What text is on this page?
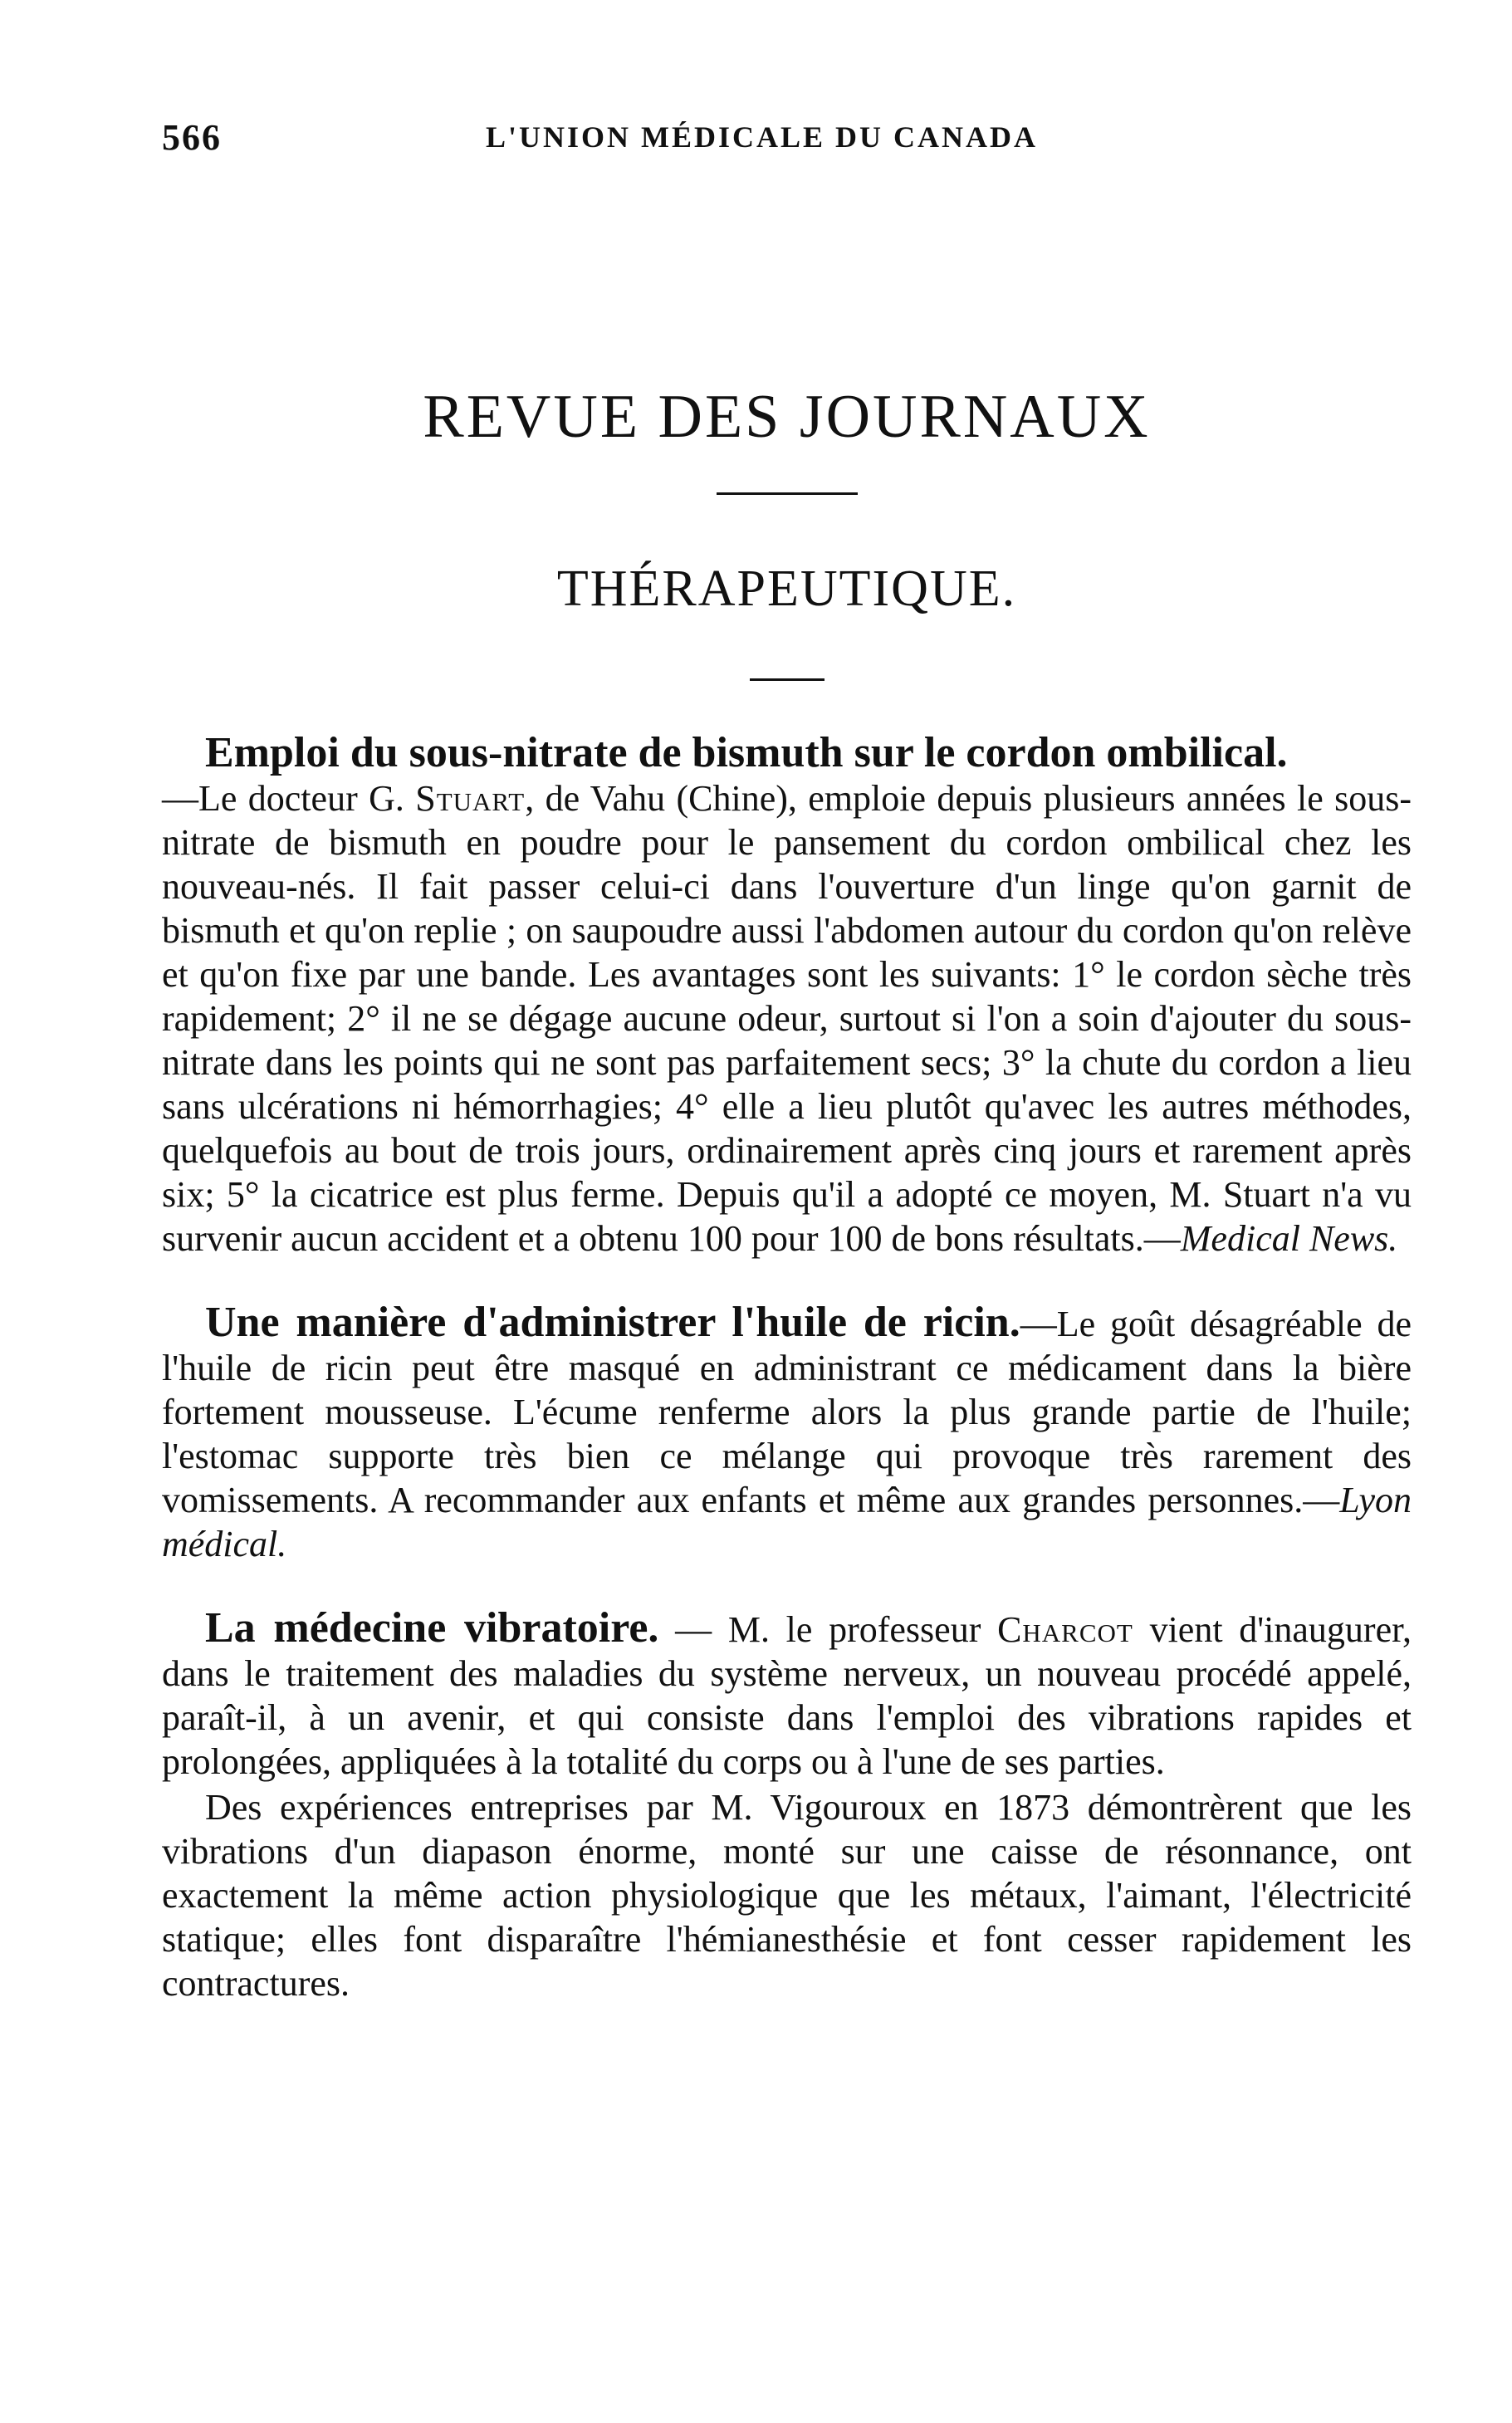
566	L'UNION MÉDICALE DU CANADA
REVUE DES JOURNAUX
THÉRAPEUTIQUE.

Emploi du sous-nitrate de bismuth sur le cordon ombilical.
—Le docteur G. Stuart, de Vahu (Chine), emploie depuis plusieurs années le sous-nitrate de bismuth en poudre pour le pansement du cordon ombilical chez les nouveau-nés. Il fait passer celui-ci dans l'ouverture d'un linge qu'on garnit de bismuth et qu'on replie ; on saupoudre aussi l'abdomen autour du cordon qu'on relève et qu'on fixe par une bande. Les avantages sont les suivants: 1° le cordon sèche très rapidement; 2° il ne se dégage aucune odeur, surtout si l'on a soin d'ajouter du sous-nitrate dans les points qui ne sont pas parfaitement secs; 3° la chute du cordon a lieu sans ulcérations ni hémorrhagies; 4° elle a lieu plutôt qu'avec les autres méthodes, quelquefois au bout de trois jours, ordinairement après cinq jours et rarement après six; 5° la cicatrice est plus ferme. Depuis qu'il a adopté ce moyen, M. Stuart n'a vu survenir aucun accident et a obtenu 100 pour 100 de bons résultats.—Medical News.

Une manière d'administrer l'huile de ricin.—Le goût désagréable de l'huile de ricin peut être masqué en administrant ce médicament dans la bière fortement mousseuse. L'écume renferme alors la plus grande partie de l'huile; l'estomac supporte très bien ce mélange qui provoque très rarement des vomissements. A recommander aux enfants et même aux grandes personnes.—Lyon médical.

La médecine vibratoire. — M. le professeur Charcot vient d'inaugurer, dans le traitement des maladies du système nerveux, un nouveau procédé appelé, paraît-il, à un avenir, et qui consiste dans l'emploi des vibrations rapides et prolongées, appliquées à la totalité du corps ou à l'une de ses parties.

Des expériences entreprises par M. Vigouroux en 1873 démontrèrent que les vibrations d'un diapason énorme, monté sur une caisse de résonnance, ont exactement la même action physiologique que les métaux, l'aimant, l'électricité statique; elles font disparaître l'hémianesthésie et font cesser rapidement les contractures.
